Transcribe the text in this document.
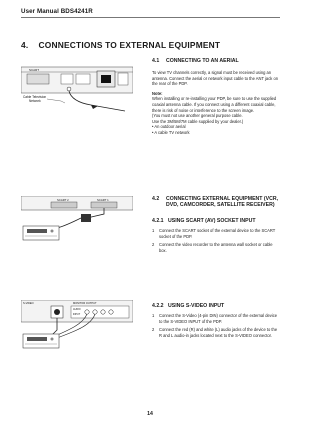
User Manual BDS4241R
4. CONNECTIONS TO EXTERNAL EQUIPMENT
SCART
Cable Television
Network
4.1 CONNECTING TO AN AERIAL

To view TV channels correctly, a signal must be received using an antenna. Connect the aerial or network input cable to the ANT jack on the rear of the PDP.

Note:

When installing or re-installing your PDP, be sure to use the supplied coaxial antenna cable. If you connect using a different coaxial cable, there is risk of noise or interference to the screen image.

(You must not use another general purpose cable.

Use the 3M/5M/7M cable supplied by your dealer.)

• An outdoor aerial

• A cable TV network

SCART 2	SCART 1	4.2 CONNECTING EXTERNAL EQUIPMENT (VCR, DVD, CAMCORDER, SATELLITE RECEIVER)
4.2.1 USING SCART (AV) SOCKET INPUT
1 Connect the SCART socket of the external device to the SCART socket of the PDP.
2 Connect the video recorder to the antenna wall socket or cable box.
S-VIDEO	MONITOR OUTPUT
AUDIO
INPUT
4.2.2 USING S-VIDEO INPUT
1 Connect the S-Video (4-pin DIN) connector of the external device to the S-VIDEO INPUT of the PDP.
2 Connect the red (R) and white (L) audio jacks of the device to the R and L audio-in jacks located next to the S-VIDEO connector.
14
